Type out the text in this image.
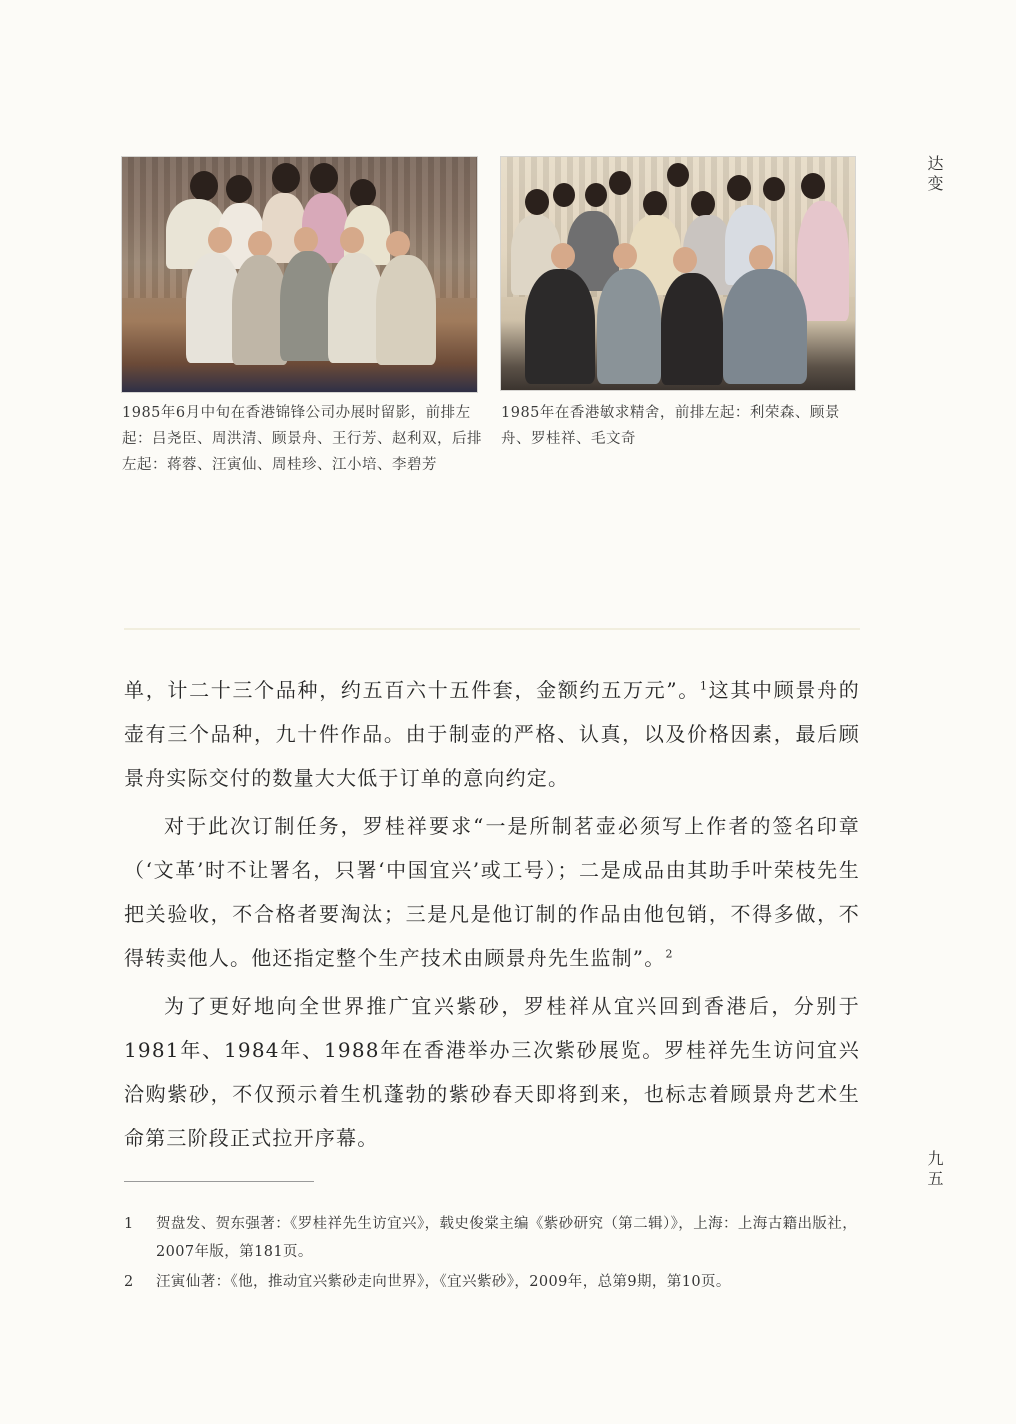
1985年6月中旬在香港锦锋公司办展时留影，前排左起：吕尧臣、周洪清、顾景舟、王行芳、赵利双，后排左起：蒋蓉、汪寅仙、周桂珍、江小培、李碧芳
1985年在香港敏求精舍，前排左起：利荣森、顾景舟、罗桂祥、毛文奇
达变

单，计二十三个品种，约五百六十五件套，金额约五万元”。$^1$这其中顾景舟的壶有三个品种，九十件作品。由于制壶的严格、认真，以及价格因素，最后顾景舟实际交付的数量大大低于订单的意向约定。

对于此次订制任务，罗桂祥要求“一是所制茗壶必须写上作者的签名印章（‘文革’时不让署名，只署‘中国宜兴’或工号）；二是成品由其助手叶荣枝先生把关验收，不合格者要淘汰；三是凡是他订制的作品由他包销，不得多做，不得转卖他人。他还指定整个生产技术由顾景舟先生监制”。$^2$

为了更好地向全世界推广宜兴紫砂，罗桂祥从宜兴回到香港后，分别于1981年、1984年、1988年在香港举办三次紫砂展览。罗桂祥先生访问宜兴洽购紫砂，不仅预示着生机蓬勃的紫砂春天即将到来，也标志着顾景舟艺术生命第三阶段正式拉开序幕。

九五
1 贺盘发、贺东强著：《罗桂祥先生访宜兴》，载史俊棠主编《紫砂研究（第二辑）》，上海：上海古籍出版社，2007年版，第181页。
2 汪寅仙著：《他，推动宜兴紫砂走向世界》，《宜兴紫砂》，2009年，总第9期，第10页。
